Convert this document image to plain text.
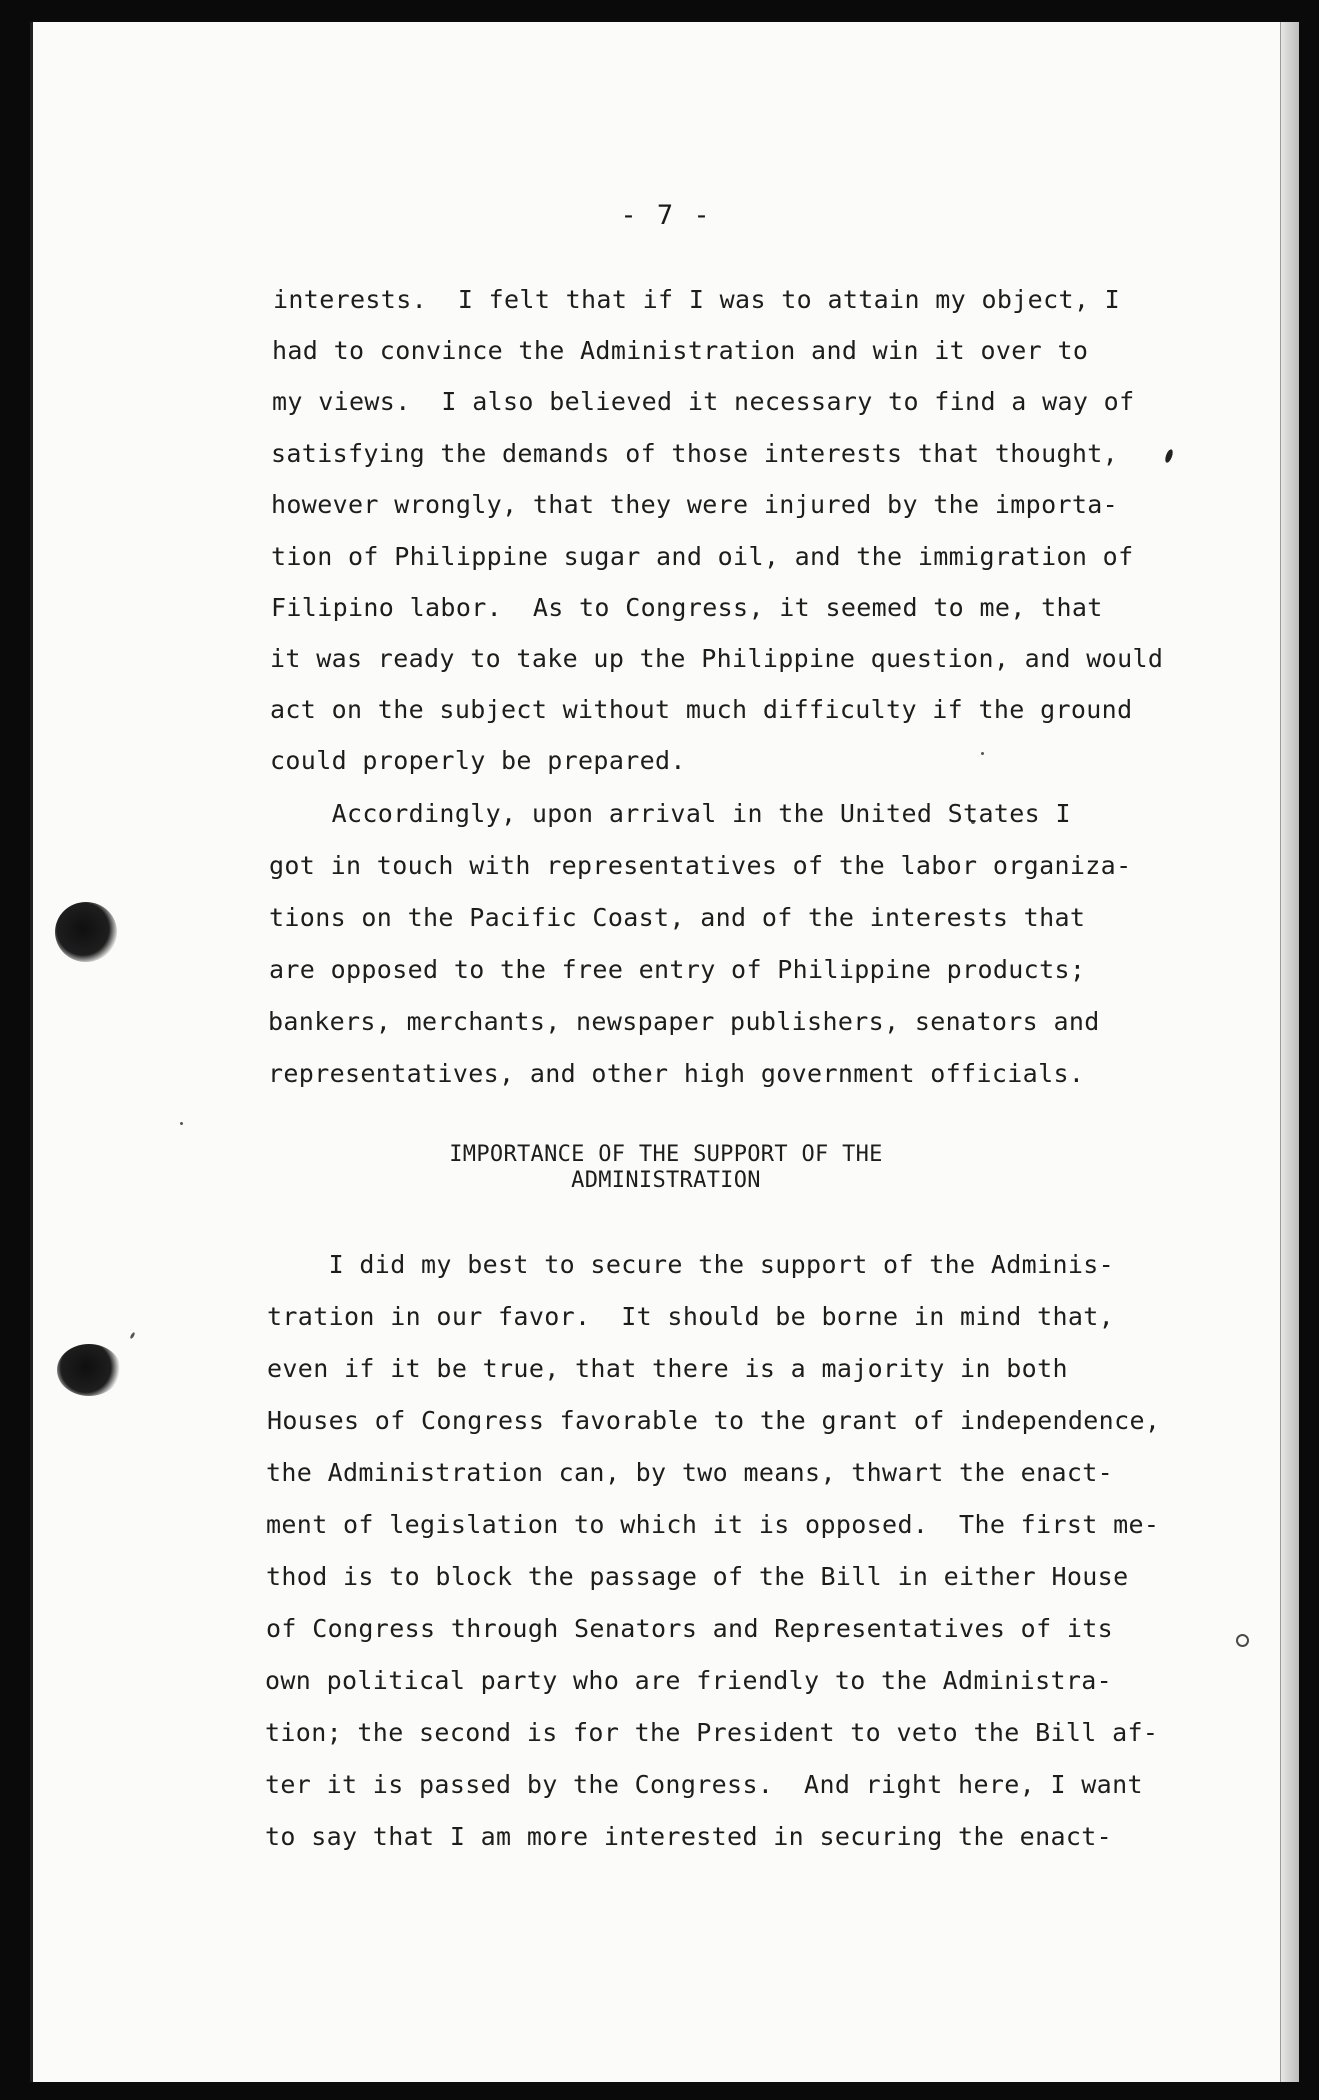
- 7 -
interests.  I felt that if I was to attain my object, I
had to convince the Administration and win it over to
my views.  I also believed it necessary to find a way of
satisfying the demands of those interests that thought,
however wrongly, that they were injured by the importa-
tion of Philippine sugar and oil, and the immigration of
Filipino labor.  As to Congress, it seemed to me, that
it was ready to take up the Philippine question, and would
act on the subject without much difficulty if the ground
could properly be prepared.
Accordingly, upon arrival in the United States I
got in touch with representatives of the labor organiza-
tions on the Pacific Coast, and of the interests that
are opposed to the free entry of Philippine products;
bankers, merchants, newspaper publishers, senators and
representatives, and other high government officials.
IMPORTANCE OF THE SUPPORT OF THE
ADMINISTRATION
I did my best to secure the support of the Adminis-
tration in our favor.  It should be borne in mind that,
even if it be true, that there is a majority in both
Houses of Congress favorable to the grant of independence,
the Administration can, by two means, thwart the enact-
ment of legislation to which it is opposed.  The first me-
thod is to block the passage of the Bill in either House
of Congress through Senators and Representatives of its
own political party who are friendly to the Administra-
tion; the second is for the President to veto the Bill af-
ter it is passed by the Congress.  And right here, I want
to say that I am more interested in securing the enact-
